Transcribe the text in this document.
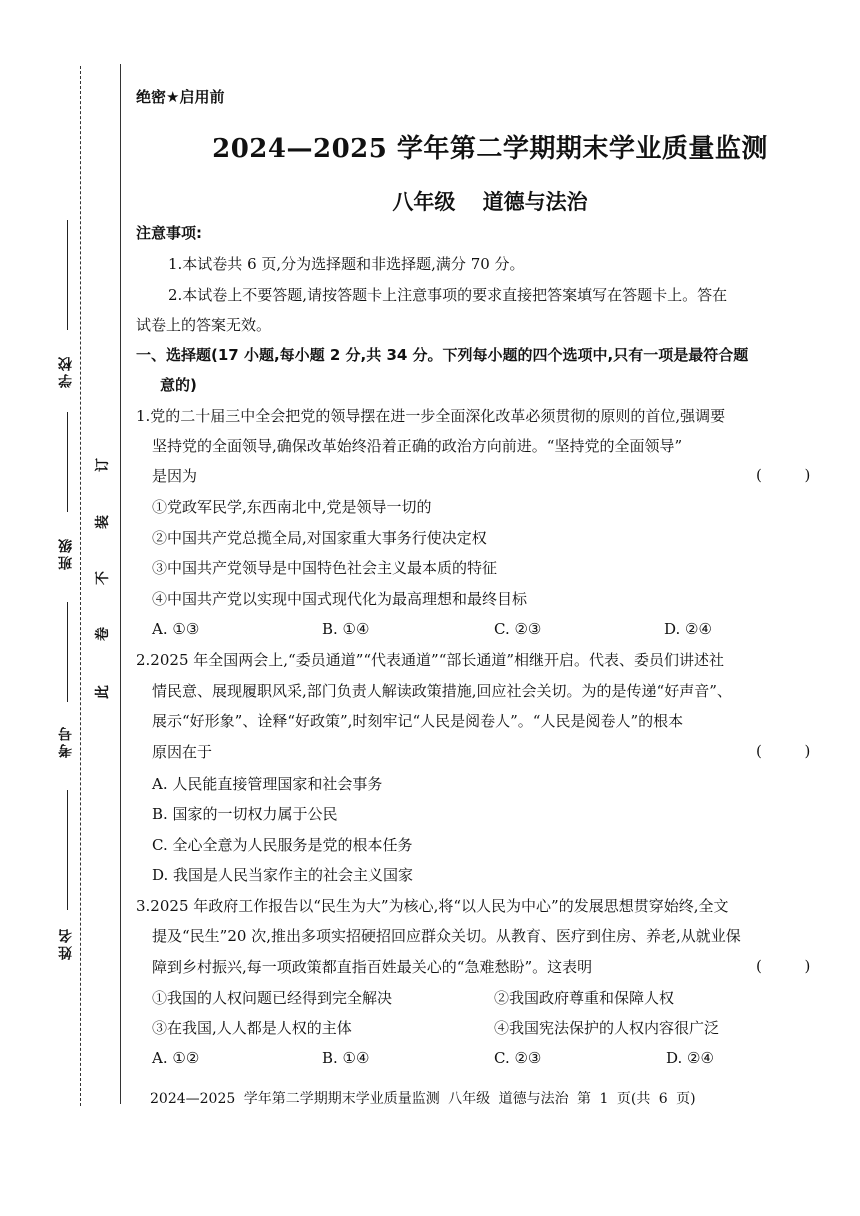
学校
班级
考号
姓名
订
装
不
卷
此
绝密★启用前
2024—2025 学年第二学期期末学业质量监测
八年级 道德与法治
注意事项:
1.本试卷共 6 页,分为选择题和非选择题,满分 70 分。
2.本试卷上不要答题,请按答题卡上注意事项的要求直接把答案填写在答题卡上。答在
试卷上的答案无效。
一、选择题(17 小题,每小题 2 分,共 34 分。下列每小题的四个选项中,只有一项是最符合题
意的)
1.党的二十届三中全会把党的领导摆在进一步全面深化改革必须贯彻的原则的首位,强调要
坚持党的全面领导,确保改革始终沿着正确的政治方向前进。“坚持党的全面领导”
是因为	(      )
①党政军民学,东西南北中,党是领导一切的
②中国共产党总揽全局,对国家重大事务行使决定权
③中国共产党领导是中国特色社会主义最本质的特征
④中国共产党以实现中国式现代化为最高理想和最终目标
A. ①③	B. ①④	C. ②③	D. ②④
2.2025 年全国两会上,“委员通道”“代表通道”“部长通道”相继开启。代表、委员们讲述社
情民意、展现履职风采,部门负责人解读政策措施,回应社会关切。为的是传递“好声音”、
展示“好形象”、诠释“好政策”,时刻牢记“人民是阅卷人”。“人民是阅卷人”的根本
原因在于	(      )
A. 人民能直接管理国家和社会事务
B. 国家的一切权力属于公民
C. 全心全意为人民服务是党的根本任务
D. 我国是人民当家作主的社会主义国家
3.2025 年政府工作报告以“民生为大”为核心,将“以人民为中心”的发展思想贯穿始终,全文
提及“民生”20 次,推出多项实招硬招回应群众关切。从教育、医疗到住房、养老,从就业保
障到乡村振兴,每一项政策都直指百姓最关心的“急难愁盼”。这表明	(      )
①我国的人权问题已经得到完全解决	②我国政府尊重和保障人权
③在我国,人人都是人权的主体	④我国宪法保护的人权内容很广泛
A. ①②	B. ①④	C. ②③	D. ②④
2024—2025 学年第二学期期末学业质量监测 八年级 道德与法治 第 1 页(共 6 页)
